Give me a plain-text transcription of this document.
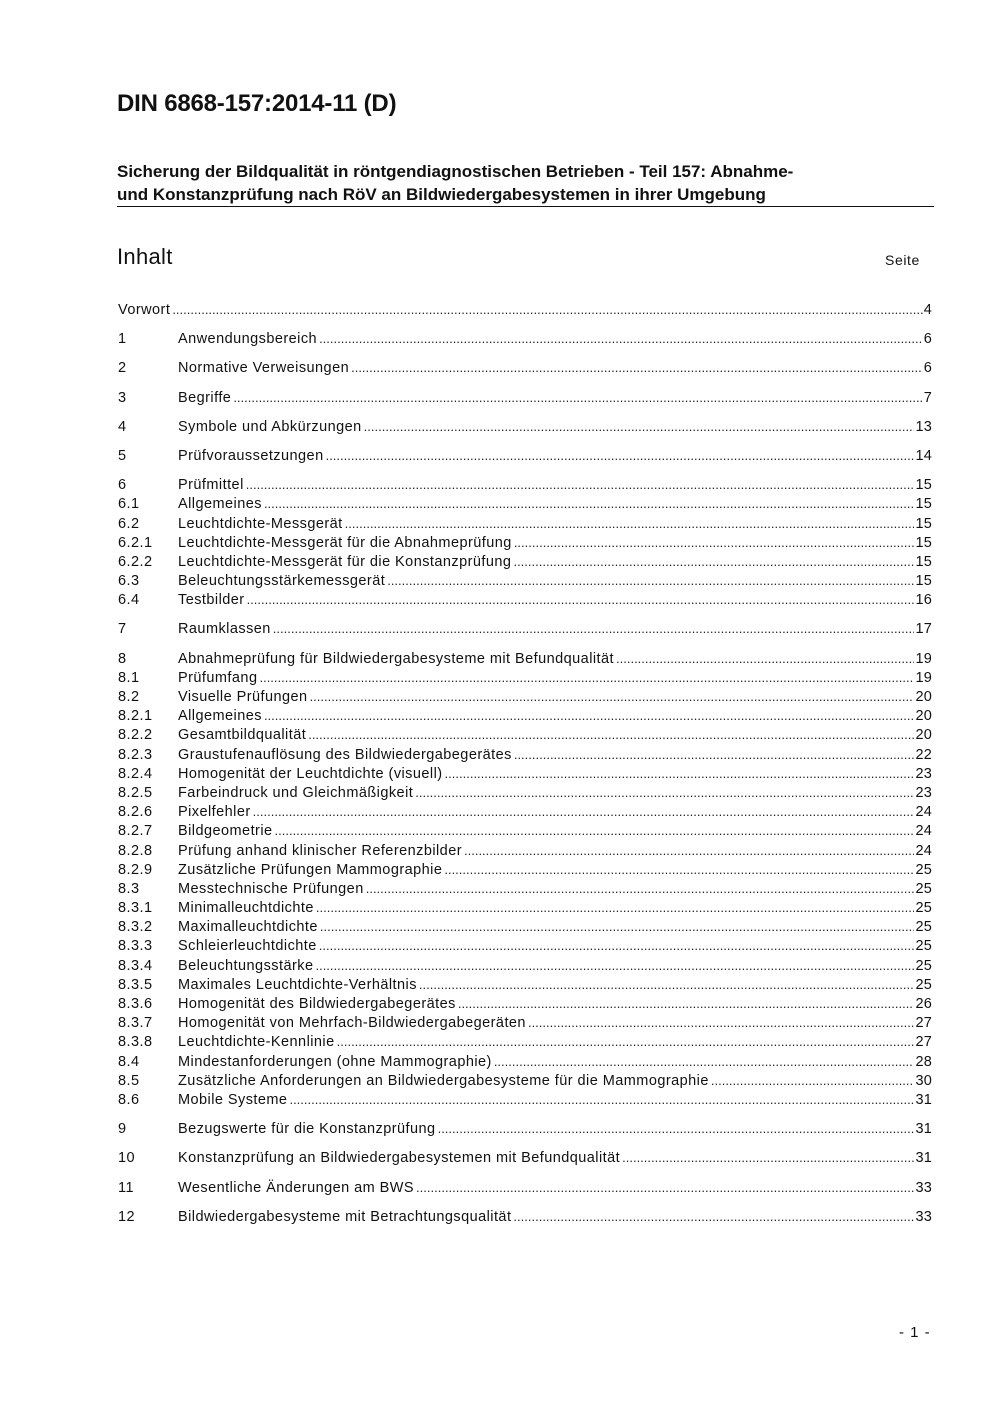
DIN 6868-157:2014-11 (D)
Sicherung der Bildqualität in röntgendiagnostischen Betrieben - Teil 157: Abnahme-
und Konstanzprüfung nach RöV an Bildwiedergabesystemen in ihrer Umgebung
Inhalt	Seite
Vorwort .....	4
1	Anwendungsbereich .....	6
2	Normative Verweisungen .....	6
3	Begriffe .....	7
4	Symbole und Abkürzungen .....	13
5	Prüfvoraussetzungen .....	14
6	Prüfmittel .....	15
6.1	Allgemeines .....	15
6.2	Leuchtdichte-Messgerät .....	15
6.2.1	Leuchtdichte-Messgerät für die Abnahmeprüfung .....	15
6.2.2	Leuchtdichte-Messgerät für die Konstanzprüfung .....	15
6.3	Beleuchtungsstärkemessgerät .....	15
6.4	Testbilder .....	16
7	Raumklassen .....	17
8	Abnahmeprüfung für Bildwiedergabesysteme mit Befundqualität .....	19
8.1	Prüfumfang .....	19
8.2	Visuelle Prüfungen .....	20
8.2.1	Allgemeines .....	20
8.2.2	Gesamtbildqualität .....	20
8.2.3	Graustufenauflösung des Bildwiedergabegerätes .....	22
8.2.4	Homogenität der Leuchtdichte (visuell) .....	23
8.2.5	Farbeindruck und Gleichmäßigkeit .....	23
8.2.6	Pixelfehler .....	24
8.2.7	Bildgeometrie .....	24
8.2.8	Prüfung anhand klinischer Referenzbilder .....	24
8.2.9	Zusätzliche Prüfungen Mammographie .....	25
8.3	Messtechnische Prüfungen .....	25
8.3.1	Minimalleuchtdichte .....	25
8.3.2	Maximalleuchtdichte .....	25
8.3.3	Schleierleuchtdichte .....	25
8.3.4	Beleuchtungsstärke .....	25
8.3.5	Maximales Leuchtdichte-Verhältnis .....	25
8.3.6	Homogenität des Bildwiedergabegerätes .....	26
8.3.7	Homogenität von Mehrfach-Bildwiedergabegeräten .....	27
8.3.8	Leuchtdichte-Kennlinie .....	27
8.4	Mindestanforderungen (ohne Mammographie) .....	28
8.5	Zusätzliche Anforderungen an Bildwiedergabesysteme für die Mammographie .....	30
8.6	Mobile Systeme .....	31
9	Bezugswerte für die Konstanzprüfung .....	31
10	Konstanzprüfung an Bildwiedergabesystemen mit Befundqualität .....	31
11	Wesentliche Änderungen am BWS .....	33
12	Bildwiedergabesysteme mit Betrachtungsqualität .....	33
- 1 -
